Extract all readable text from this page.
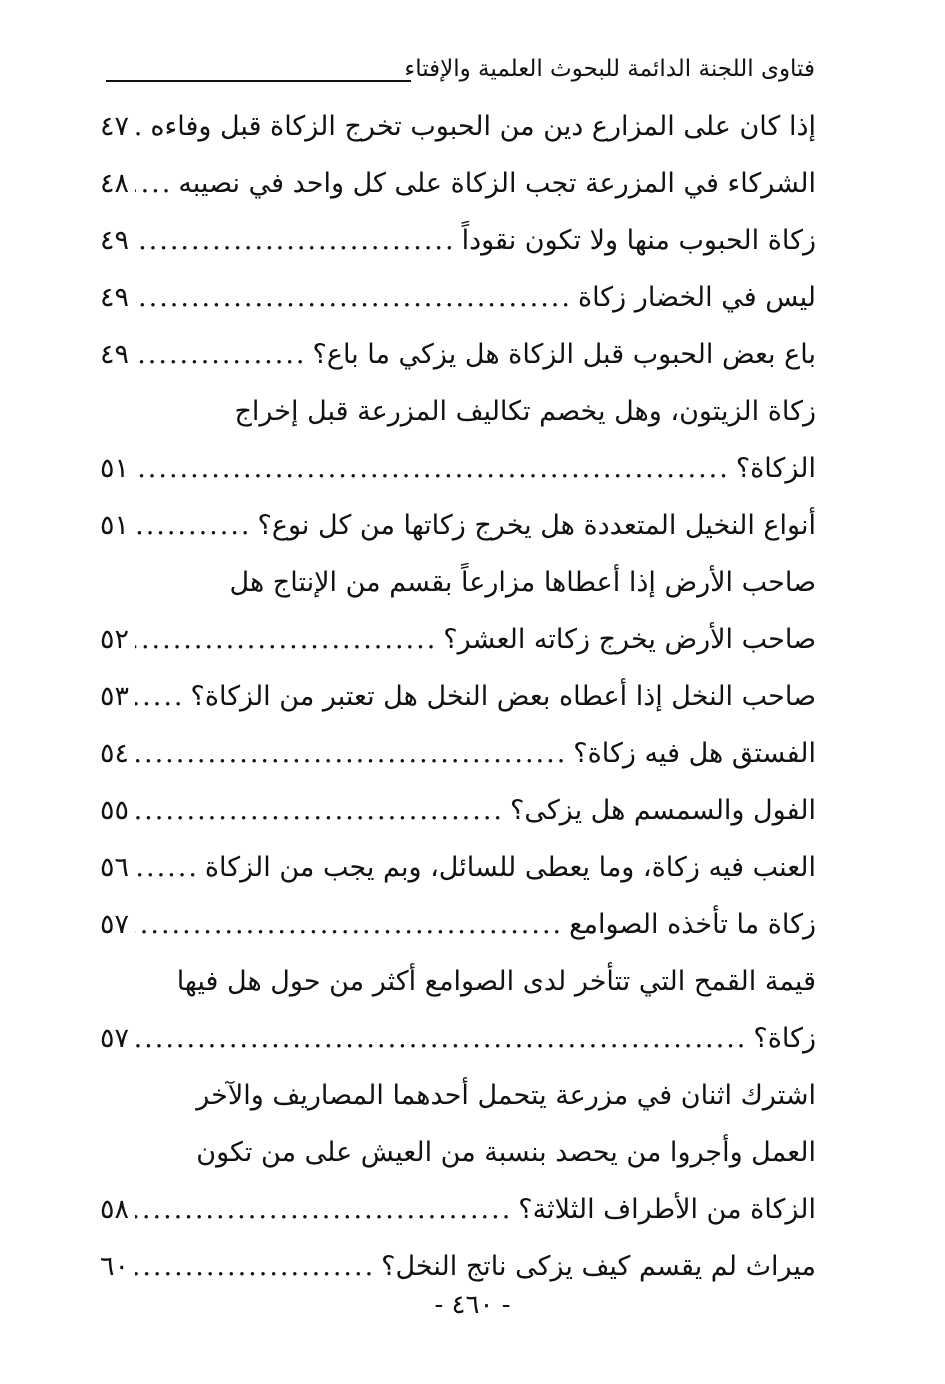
فتاوى اللجنة الدائمة للبحوث العلمية والإفتاء
إذا كان على المزارع دين من الحبوب تخرج الزكاة قبل وفاءه
.....
٤٧
الشركاء في المزرعة تجب الزكاة على كل واحد في نصيبه
.....
٤٨
زكاة الحبوب منها ولا تكون نقوداً
.....
٤٩
ليس في الخضار زكاة
.....
٤٩
باع بعض الحبوب قبل الزكاة هل يزكي ما باع؟
.....
٤٩
زكاة الزيتون، وهل يخصم تكاليف المزرعة قبل إخراج
الزكاة؟
.....
٥١
أنواع النخيل المتعددة هل يخرج زكاتها من كل نوع؟
.....
٥١
صاحب الأرض إذا أعطاها مزارعاً بقسم من الإنتاج هل
صاحب الأرض يخرج زكاته العشر؟
.....
٥٢
صاحب النخل إذا أعطاه بعض النخل هل تعتبر من الزكاة؟
.....
٥٣
الفستق هل فيه زكاة؟
.....
٥٤
الفول والسمسم هل يزكى؟
.....
٥٥
العنب فيه زكاة، وما يعطى للسائل، وبم يجب من الزكاة
.....
٥٦
زكاة ما تأخذه الصوامع
.....
٥٧
قيمة القمح التي تتأخر لدى الصوامع أكثر من حول هل فيها
زكاة؟
.....
٥٧
اشترك اثنان في مزرعة يتحمل أحدهما المصاريف والآخر
العمل وأجروا من يحصد بنسبة من العيش على من تكون
الزكاة من الأطراف الثلاثة؟
.....
٥٨
ميراث لم يقسم كيف يزكى ناتج النخل؟
.....
٦٠
- ٤٦٠ -
